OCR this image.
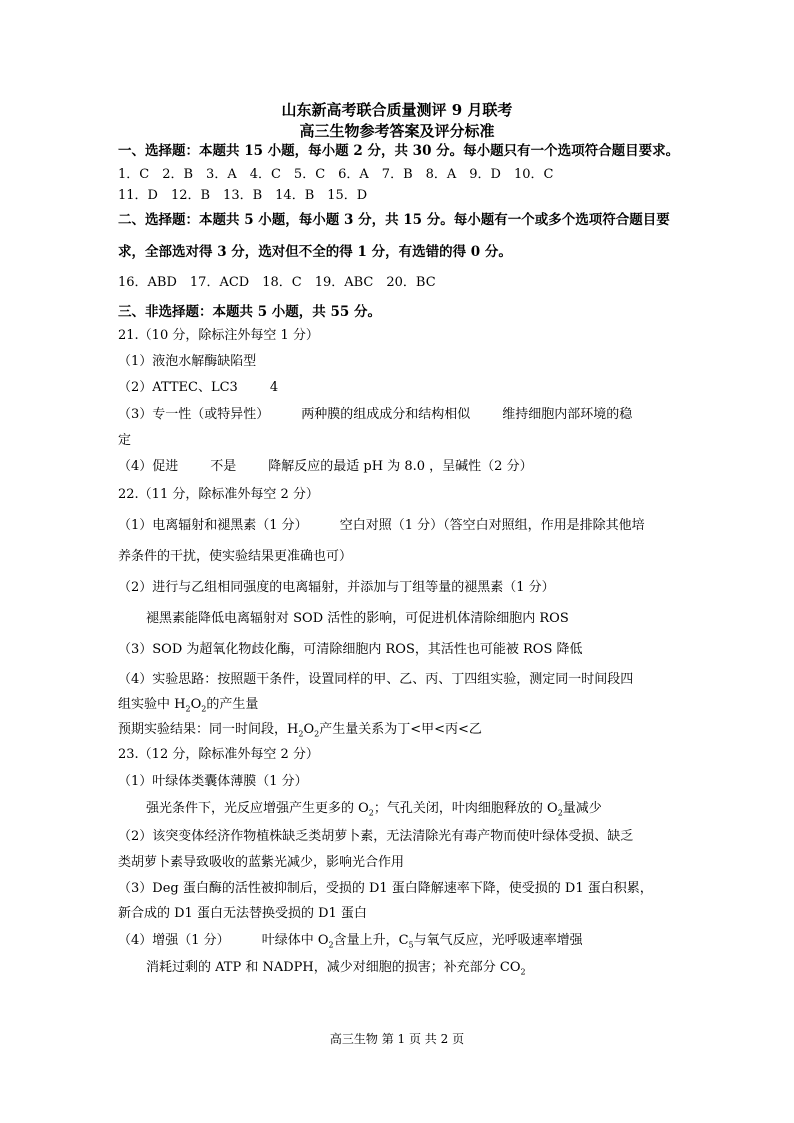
山东新高考联合质量测评 9 月联考
高三生物参考答案及评分标准
一、选择题：本题共 15 小题，每小题 2 分，共 30 分。每小题只有一个选项符合题目要求。
1．C　2．B　3．A　4．C　5．C　6．A　7．B　8．A　9．D　10．C
11．D　12．B　13．B　14．B　15．D
二、选择题：本题共 5 小题，每小题 3 分，共 15 分。每小题有一个或多个选项符合题目要
求，全部选对得 3 分，选对但不全的得 1 分，有选错的得 0 分。
16．ABD　17．ACD　18．C　19．ABC　20．BC
三、非选择题：本题共 5 小题，共 55 分。
21.（10 分，除标注外每空 1 分）
（1）液泡水解酶缺陷型
（2）ATTEC、LC3 4
（3）专一性（或特异性） 两种膜的组成成分和结构相似 维持细胞内部环境的稳
定
（4）促进 不是 降解反应的最适 pH 为 8.0 ，呈碱性（2 分）
22.（11 分，除标准外每空 2 分）
（1）电离辐射和褪黑素（1 分） 空白对照（1 分）（答空白对照组，作用是排除其他培
养条件的干扰，使实验结果更准确也可）
（2）进行与乙组相同强度的电离辐射，并添加与丁组等量的褪黑素（1 分）
褪黑素能降低电离辐射对 SOD 活性的影响，可促进机体清除细胞内 ROS
（3）SOD 为超氧化物歧化酶，可清除细胞内 ROS，其活性也可能被 ROS 降低
（4）实验思路：按照题干条件，设置同样的甲、乙、丙、丁四组实验，测定同一时间段四
组实验中 $H_2O_2$的产生量
预期实验结果：同一时间段，$H_2O_2$产生量关系为丁<甲<丙<乙
23.（12 分，除标准外每空 2 分）
（1）叶绿体类囊体薄膜（1 分）
强光条件下，光反应增强产生更多的 $O_2$；气孔关闭，叶肉细胞释放的 $O_2$量减少
（2）该突变体经济作物植株缺乏类胡萝卜素，无法清除光有毒产物而使叶绿体受损、缺乏
类胡萝卜素导致吸收的蓝紫光减少，影响光合作用
（3）Deg 蛋白酶的活性被抑制后，受损的 D1 蛋白降解速率下降，使受损的 D1 蛋白积累，
新合成的 D1 蛋白无法替换受损的 D1 蛋白
（4）增强（1 分） 叶绿体中 $O_2$含量上升，$C_5$与氧气反应，光呼吸速率增强
消耗过剩的 ATP 和 NADPH，减少对细胞的损害；补充部分 $CO_2$
高三生物 第 1 页 共 2 页
